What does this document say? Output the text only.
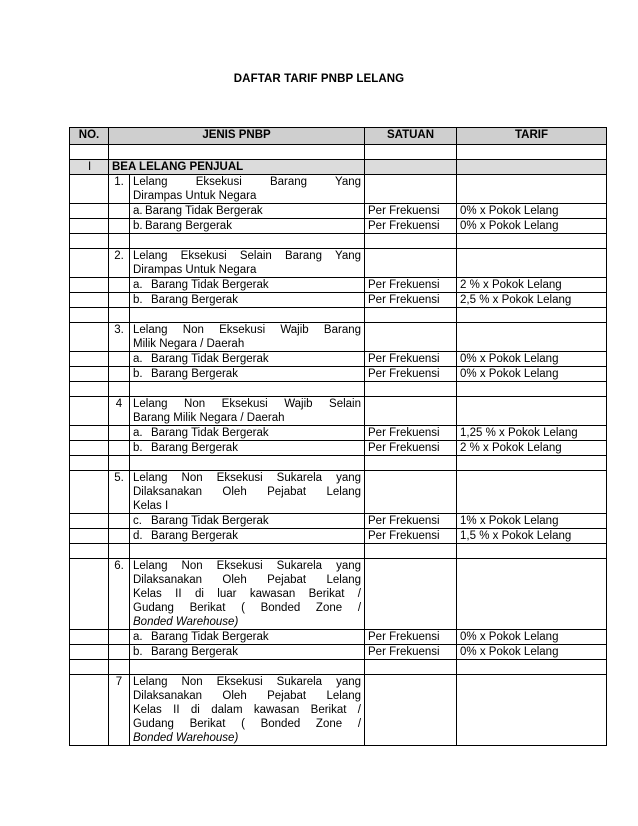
DAFTAR TARIF PNBP LELANG
NO.	JENIS PNBP		SATUAN	TARIF

I	BEA LELANG PENJUAL			
	1.	Lelang Eksekusi Barang Yang
Dirampas Untuk Negara		

		a. Barang Tidak Bergerak	Per Frekuensi	0% x Pokok Lelang
		b. Barang Bergerak	Per Frekuensi	0% x Pokok Lelang

	2.	Lelang Eksekusi Selain Barang Yang
Dirampas Untuk Negara		

		a. Barang Tidak Bergerak	Per Frekuensi	2 % x Pokok Lelang
		b. Barang Bergerak	Per Frekuensi	2,5 % x Pokok Lelang

	3.	Lelang Non Eksekusi Wajib Barang
Milik Negara / Daerah		

		a. Barang Tidak Bergerak	Per Frekuensi	0% x Pokok Lelang
		b. Barang Bergerak	Per Frekuensi	0% x Pokok Lelang

	4	Lelang Non Eksekusi Wajib Selain
Barang Milik Negara / Daerah		

		a. Barang Tidak Bergerak	Per Frekuensi	1,25 % x Pokok Lelang
		b. Barang Bergerak	Per Frekuensi	2 % x Pokok Lelang

	5.	Lelang Non Eksekusi Sukarela yang
Dilaksanakan Oleh Pejabat Lelang
Kelas I		

		c. Barang Tidak Bergerak	Per Frekuensi	1% x Pokok Lelang
		d. Barang Bergerak	Per Frekuensi	1,5 % x Pokok Lelang

	6.	Lelang Non Eksekusi Sukarela yang
Dilaksanakan Oleh Pejabat Lelang
Kelas II di luar kawasan Berikat /
Gudang Berikat ( Bonded Zone /
Bonded Warehouse)		

		a. Barang Tidak Bergerak	Per Frekuensi	0% x Pokok Lelang
		b. Barang Bergerak	Per Frekuensi	0% x Pokok Lelang

	7	Lelang Non Eksekusi Sukarela yang
Dilaksanakan Oleh Pejabat Lelang
Kelas II di dalam kawasan Berikat /
Gudang Berikat ( Bonded Zone /
Bonded Warehouse)		
